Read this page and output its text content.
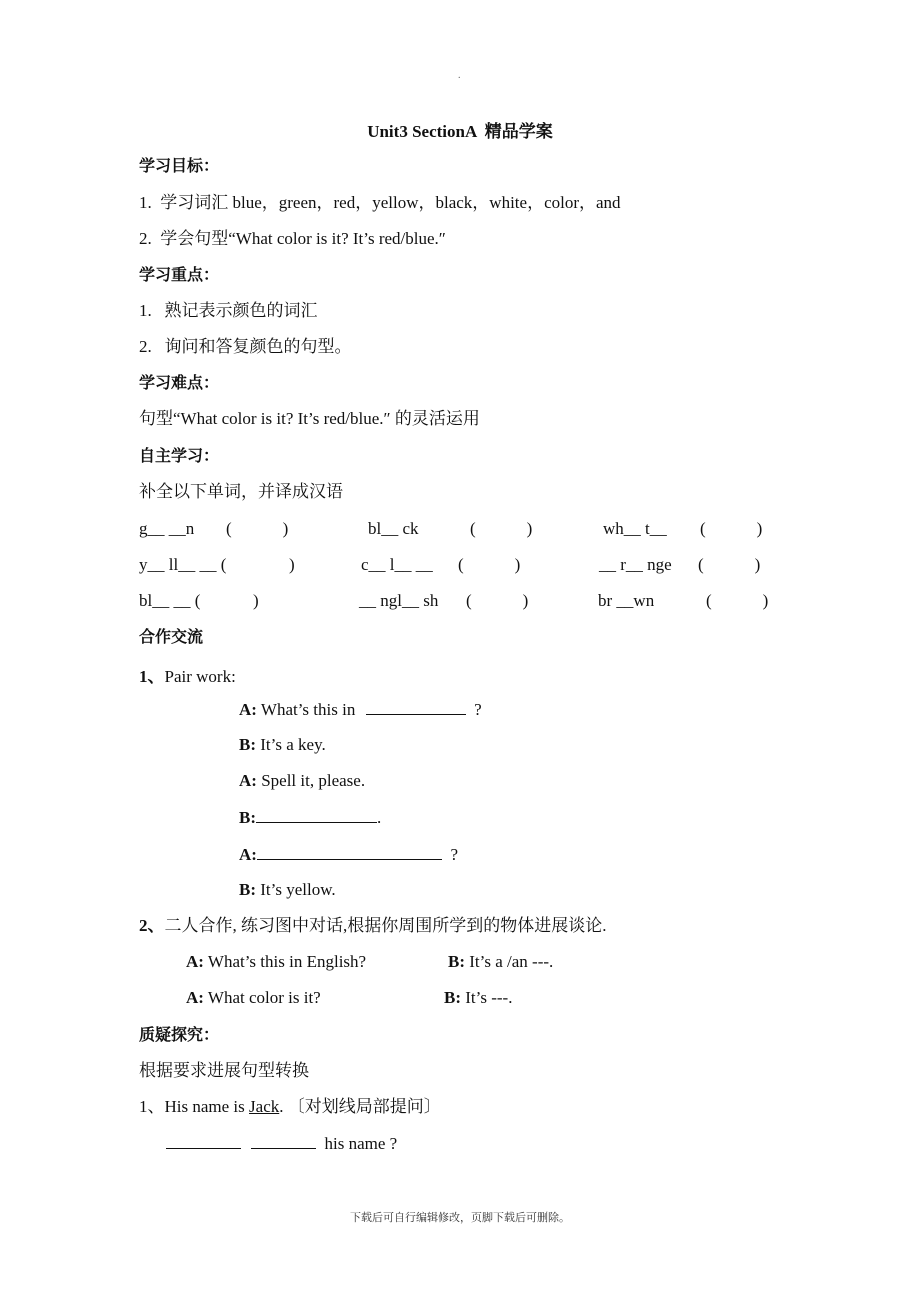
.
Unit3 SectionA  精品学案
学习目标：
1.  学习词汇 blue，green，red，yellow，black，white，color，and
2.  学会句型“What color is it? It’s red/blue.″
学习重点：
1.   熟记表示颜色的词汇
2.   询问和答复颜色的句型。
学习难点：
句型“What color is it? It’s red/blue.″ 的灵活运用
自主学习：
补全以下单词，并译成汉语
g__ __n (            )	bl__ ck	(            )	wh__ t__ (            )
y__ ll__ __ (	)	c__ l__ __ (            )	__ r__ nge (            )
bl__ __ (	)	__ ngl__ sh (            )	br __wn	(            )
合作交流
1、Pair work:
A: What’s this in	?
B: It’s a key.
A: Spell it, please.
B:	.
A:	?
B: It’s yellow.
2、二人合作, 练习图中对话,根据你周围所学到的物体进展谈论.
A: What’s this in English?	B: It’s a /an ---.
A: What color is it?	B: It’s ---.
质疑探究：
根据要求进展句型转换
1、His name is Jack. 〔对划线局部提问〕
his name ?
下载后可自行编辑修改，页脚下载后可删除。
